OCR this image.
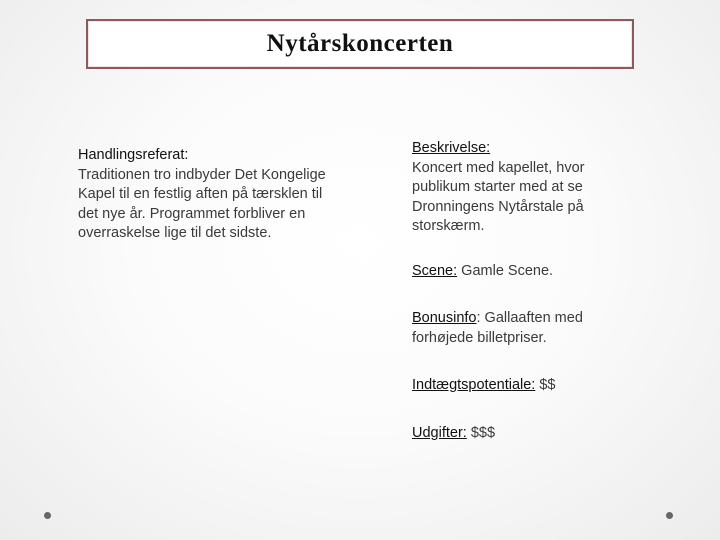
Nytårskoncerten
Handlingsreferat:
Traditionen tro indbyder Det Kongelige Kapel til en festlig aften på tærsklen til det nye år. Programmet forbliver en overraskelse lige til det sidste.

Beskrivelse:
Koncert med kapellet, hvor publikum starter med at se Dronningens Nytårstale på storskærm.

Scene: Gamle Scene.

Bonusinfo: Gallaaften med forhøjede billetpriser.

Indtægtspotentiale: $$

Udgifter: $$$
